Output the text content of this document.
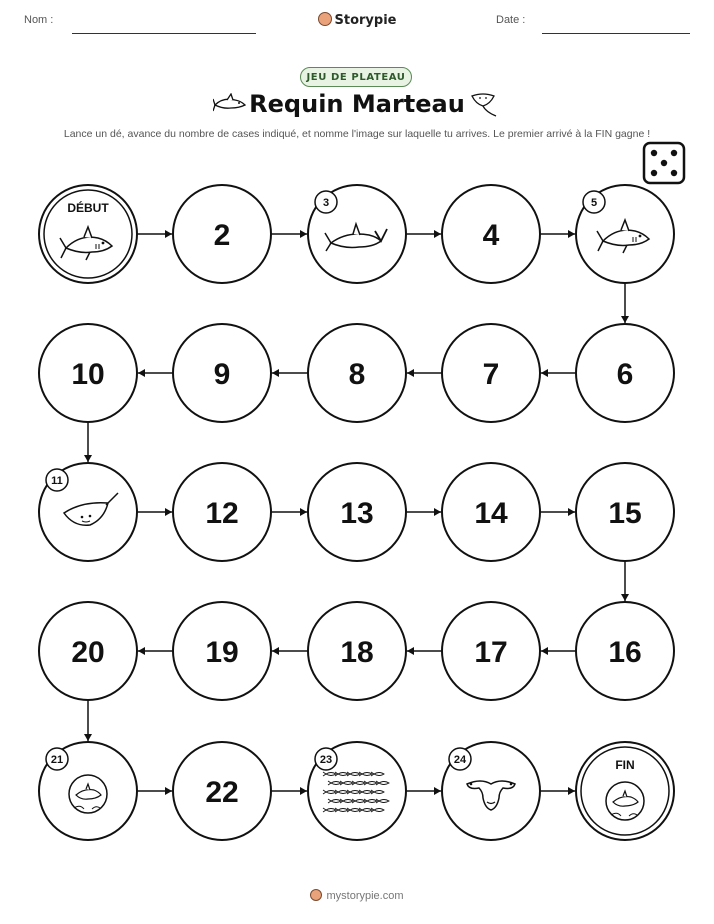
Nom :	Storypie	Date :
JEU DE PLATEAU
Requin Marteau
Lance un dé, avance du nombre de cases indiqué, et nomme l'image sur laquelle tu arrives. Le premier arrivé à la FIN gagne !
DÉBUT
2
3
4
5
6
7
8
9
10
11
12	13	14	15
16
17
18
19
20
21
22
23	24	FIN
mystorypie.com
